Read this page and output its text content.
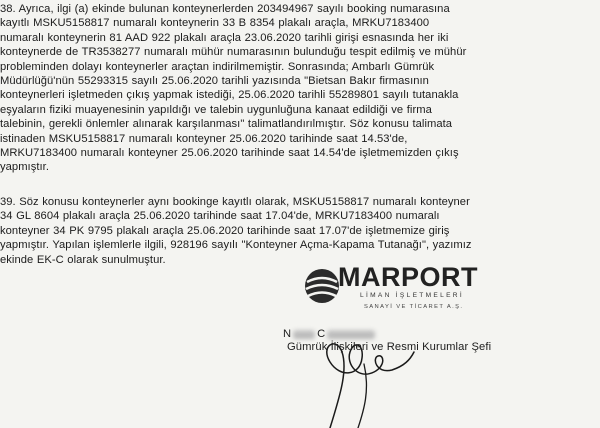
38. Ayrıca, ilgi (a) ekinde bulunan konteynerlerden 203494967 sayılı booking numarasına
kayıtlı MSKU5158817 numaralı konteynerin 33 B 8354 plakalı araçla, MRKU7183400
numaralı konteynerin 81 AAD 922 plakalı araçla 23.06.2020 tarihli girişi esnasında her iki
konteynerde de TR3538277 numaralı mühür numarasının bulunduğu tespit edilmiş ve mühür
probleminden dolayı konteynerler araçtan indirilmemiştir. Sonrasında; Ambarlı Gümrük
Müdürlüğü'nün 55293315 sayılı 25.06.2020 tarihli yazısında "Bietsan Bakır firmasının
konteynerleri işletmeden çıkış yapmak istediği, 25.06.2020 tarihli 55289801 sayılı tutanakla
eşyaların fiziki muayenesinin yapıldığı ve talebin uygunluğuna kanaat edildiği ve firma
talebinin, gerekli önlemler alınarak karşılanması" talimatlandırılmıştır. Söz konusu talimata
istinaden MSKU5158817 numaralı konteyner 25.06.2020 tarihinde saat 14.53'de,
MRKU7183400 numaralı konteyner 25.06.2020 tarihinde saat 14.54'de işletmemizden çıkış
yapmıştır.
39. Söz konusu konteynerler aynı bookinge kayıtlı olarak, MSKU5158817 numaralı konteyner
34 GL 8604 plakalı araçla 25.06.2020 tarihinde saat 17.04'de, MRKU7183400 numaralı
konteyner 34 PK 9795 plakalı araçla 25.06.2020 tarihinde saat 17.07'de işletmemize giriş
yapmıştır. Yapılan işlemlerle ilgili, 928196 sayılı "Konteyner Açma-Kapama Tutanağı", yazımız
ekinde EK-C olarak sunulmuştur.
MARPORT
LİMAN İŞLETMELERİ
SANAYİ VE TİCARET A.Ş.
N C
Gümrük İlişkileri ve Resmi Kurumlar Şefi
